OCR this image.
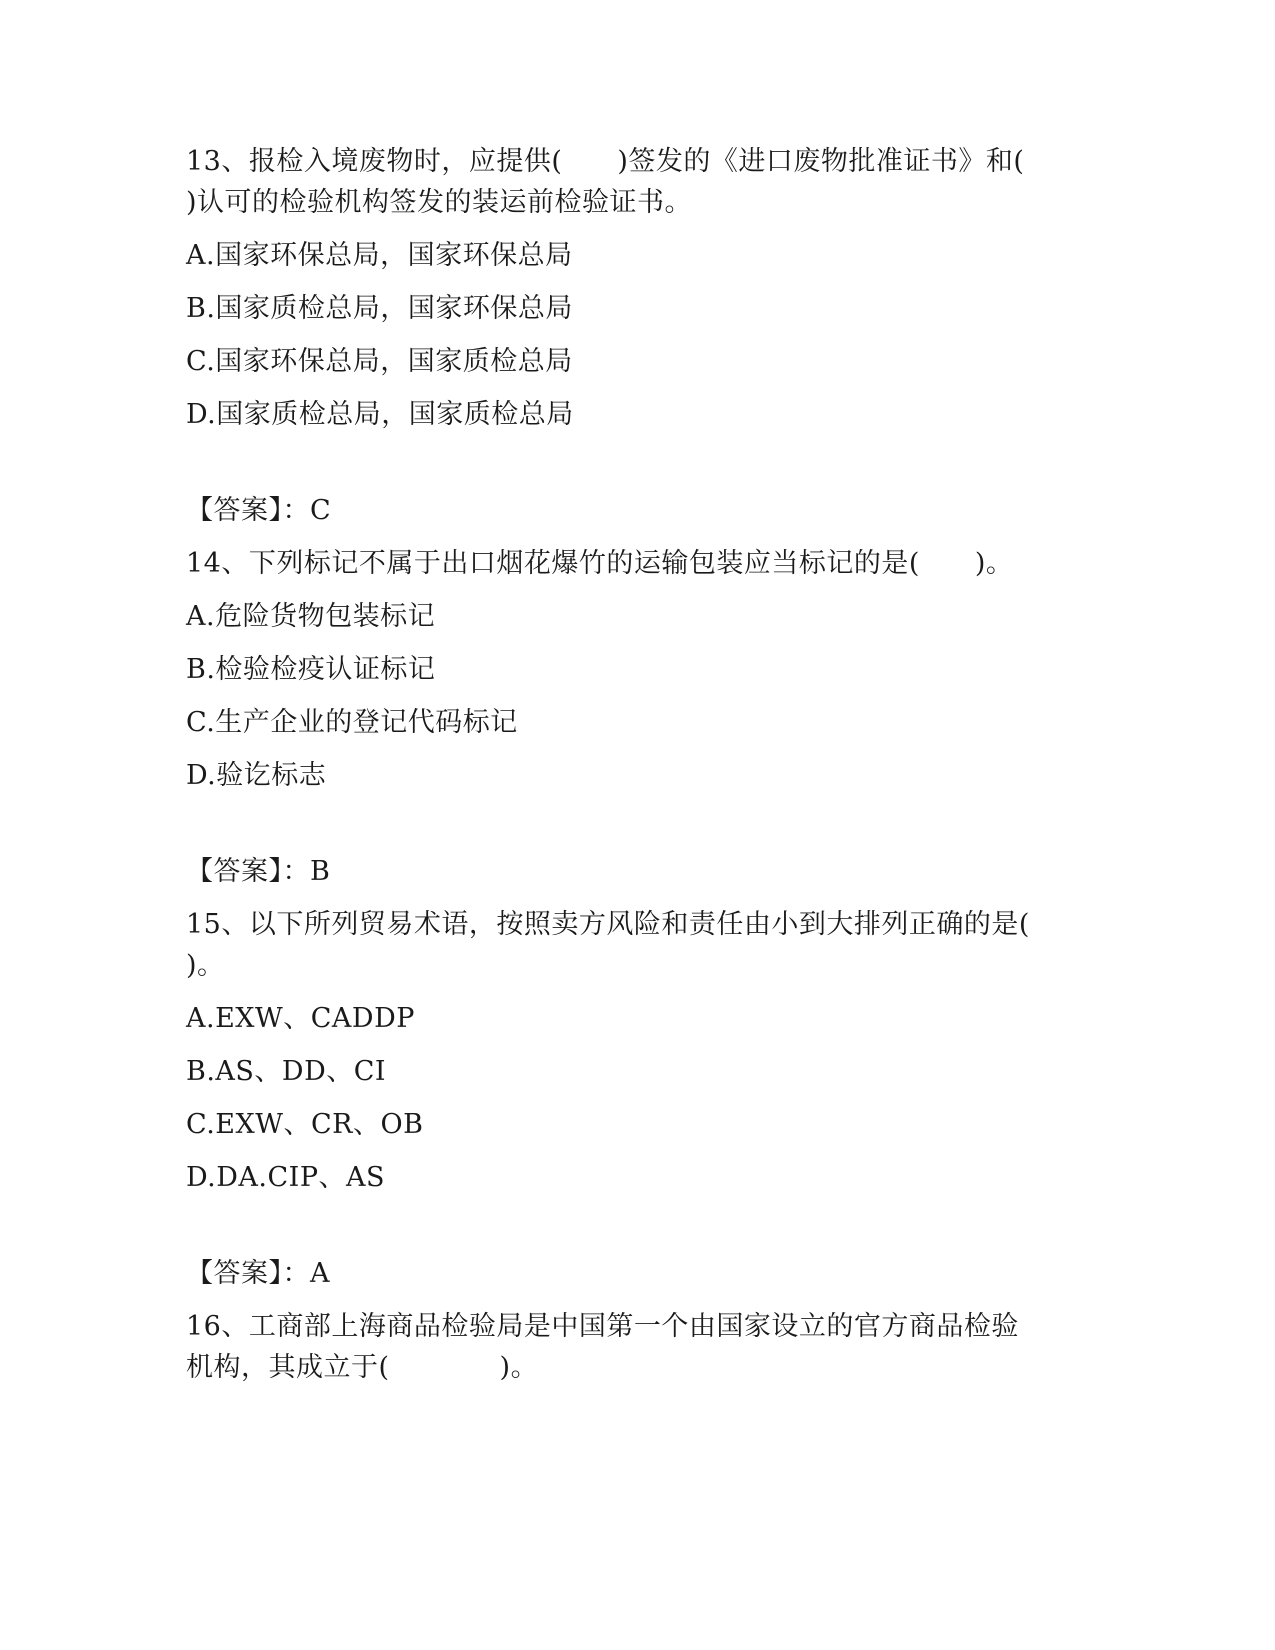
13、报检入境废物时，应提供(　　)签发的《进口废物批准证书》和(
)认可的检验机构签发的装运前检验证书。
A.国家环保总局，国家环保总局
B.国家质检总局，国家环保总局
C.国家环保总局，国家质检总局
D.国家质检总局，国家质检总局
【答案】：C
14、下列标记不属于出口烟花爆竹的运输包装应当标记的是(　　)。
A.危险货物包装标记
B.检验检疫认证标记
C.生产企业的登记代码标记
D.验讫标志
【答案】：B
15、以下所列贸易术语，按照卖方风险和责任由小到大排列正确的是(
)。
A.EXW、CADDP
B.AS、DD、CI
C.EXW、CR、OB
D.DA.CIP、AS
【答案】：A
16、工商部上海商品检验局是中国第一个由国家设立的官方商品检验
机构，其成立于(　　　　)。
